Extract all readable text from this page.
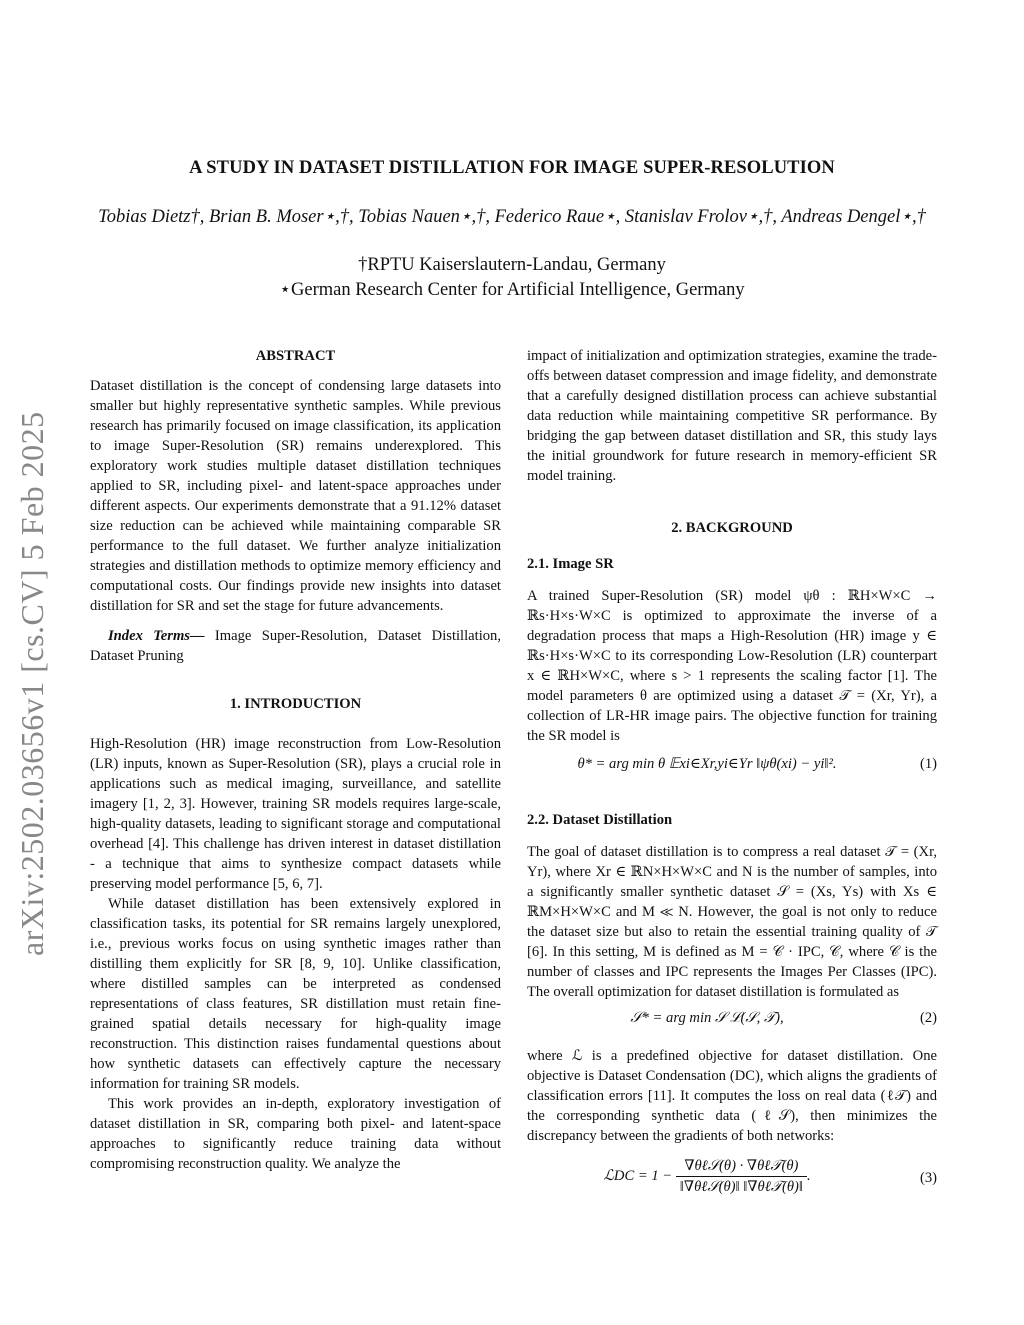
arXiv:2502.03656v1 [cs.CV] 5 Feb 2025
A STUDY IN DATASET DISTILLATION FOR IMAGE SUPER-RESOLUTION
Tobias Dietz†, Brian B. Moser⋆,†, Tobias Nauen⋆,†, Federico Raue⋆, Stanislav Frolov⋆,†, Andreas Dengel⋆,†
†RPTU Kaiserslautern-Landau, Germany
⋆German Research Center for Artificial Intelligence, Germany

ABSTRACT

Dataset distillation is the concept of condensing large datasets into smaller but highly representative synthetic samples. While previous research has primarily focused on image classification, its application to image Super-Resolution (SR) remains underexplored. This exploratory work studies multiple dataset distillation techniques applied to SR, including pixel- and latent-space approaches under different aspects. Our experiments demonstrate that a 91.12% dataset size reduction can be achieved while maintaining comparable SR performance to the full dataset. We further analyze initialization strategies and distillation methods to optimize memory efficiency and computational costs. Our findings provide new insights into dataset distillation for SR and set the stage for future advancements.

Index Terms— Image Super-Resolution, Dataset Distillation, Dataset Pruning

1. INTRODUCTION

High-Resolution (HR) image reconstruction from Low-Resolution (LR) inputs, known as Super-Resolution (SR), plays a crucial role in applications such as medical imaging, surveillance, and satellite imagery [1, 2, 3]. However, training SR models requires large-scale, high-quality datasets, leading to significant storage and computational overhead [4]. This challenge has driven interest in dataset distillation - a technique that aims to synthesize compact datasets while preserving model performance [5, 6, 7].

While dataset distillation has been extensively explored in classification tasks, its potential for SR remains largely unexplored, i.e., previous works focus on using synthetic images rather than distilling them explicitly for SR [8, 9, 10]. Unlike classification, where distilled samples can be interpreted as condensed representations of class features, SR distillation must retain fine-grained spatial details necessary for high-quality image reconstruction. This distinction raises fundamental questions about how synthetic datasets can effectively capture the necessary information for training SR models.

This work provides an in-depth, exploratory investigation of dataset distillation in SR, comparing both pixel- and latent-space approaches to significantly reduce training data without compromising reconstruction quality. We analyze the

impact of initialization and optimization strategies, examine the trade-offs between dataset compression and image fidelity, and demonstrate that a carefully designed distillation process can achieve substantial data reduction while maintaining competitive SR performance. By bridging the gap between dataset distillation and SR, this study lays the initial groundwork for future research in memory-efficient SR model training.

2. BACKGROUND

2.1. Image SR

A trained Super-Resolution (SR) model ψθ : ℝH×W×C → ℝs·H×s·W×C is optimized to approximate the inverse of a degradation process that maps a High-Resolution (HR) image y ∈ ℝs·H×s·W×C to its corresponding Low-Resolution (LR) counterpart x ∈ ℝH×W×C, where s > 1 represents the scaling factor [1]. The model parameters θ are optimized using a dataset 𝒯 = (Xr, Yr), a collection of LR-HR image pairs. The objective function for training the SR model is

θ* = arg min θ 𝔼xi∈Xr,yi∈Yr ‖ψθ(xi) − yi‖².	(1)

2.2. Dataset Distillation

The goal of dataset distillation is to compress a real dataset 𝒯 = (Xr, Yr), where Xr ∈ ℝN×H×W×C and N is the number of samples, into a significantly smaller synthetic dataset 𝒮 = (Xs, Ys) with Xs ∈ ℝM×H×W×C and M ≪ N. However, the goal is not only to reduce the dataset size but also to retain the essential training quality of 𝒯 [6]. In this setting, M is defined as M = 𝒞 · IPC, 𝒞, where 𝒞 is the number of classes and IPC represents the Images Per Classes (IPC). The overall optimization for dataset distillation is formulated as

𝒮* = arg min 𝒮 ℒ(𝒮, 𝒯),	(2)

where ℒ is a predefined objective for dataset distillation. One objective is Dataset Condensation (DC), which aligns the gradients of classification errors [11]. It computes the loss on real data (ℓ𝒯) and the corresponding synthetic data (ℓ𝒮), then minimizes the discrepancy between the gradients of both networks:

ℒDC = $1 - \frac{\text{∇θℓ𝒮(θ) · ∇θℓ𝒯(θ)}}{\text{‖∇θℓ𝒮(θ)‖ ‖∇θℓ𝒯(θ)‖}}$ .	(3)
